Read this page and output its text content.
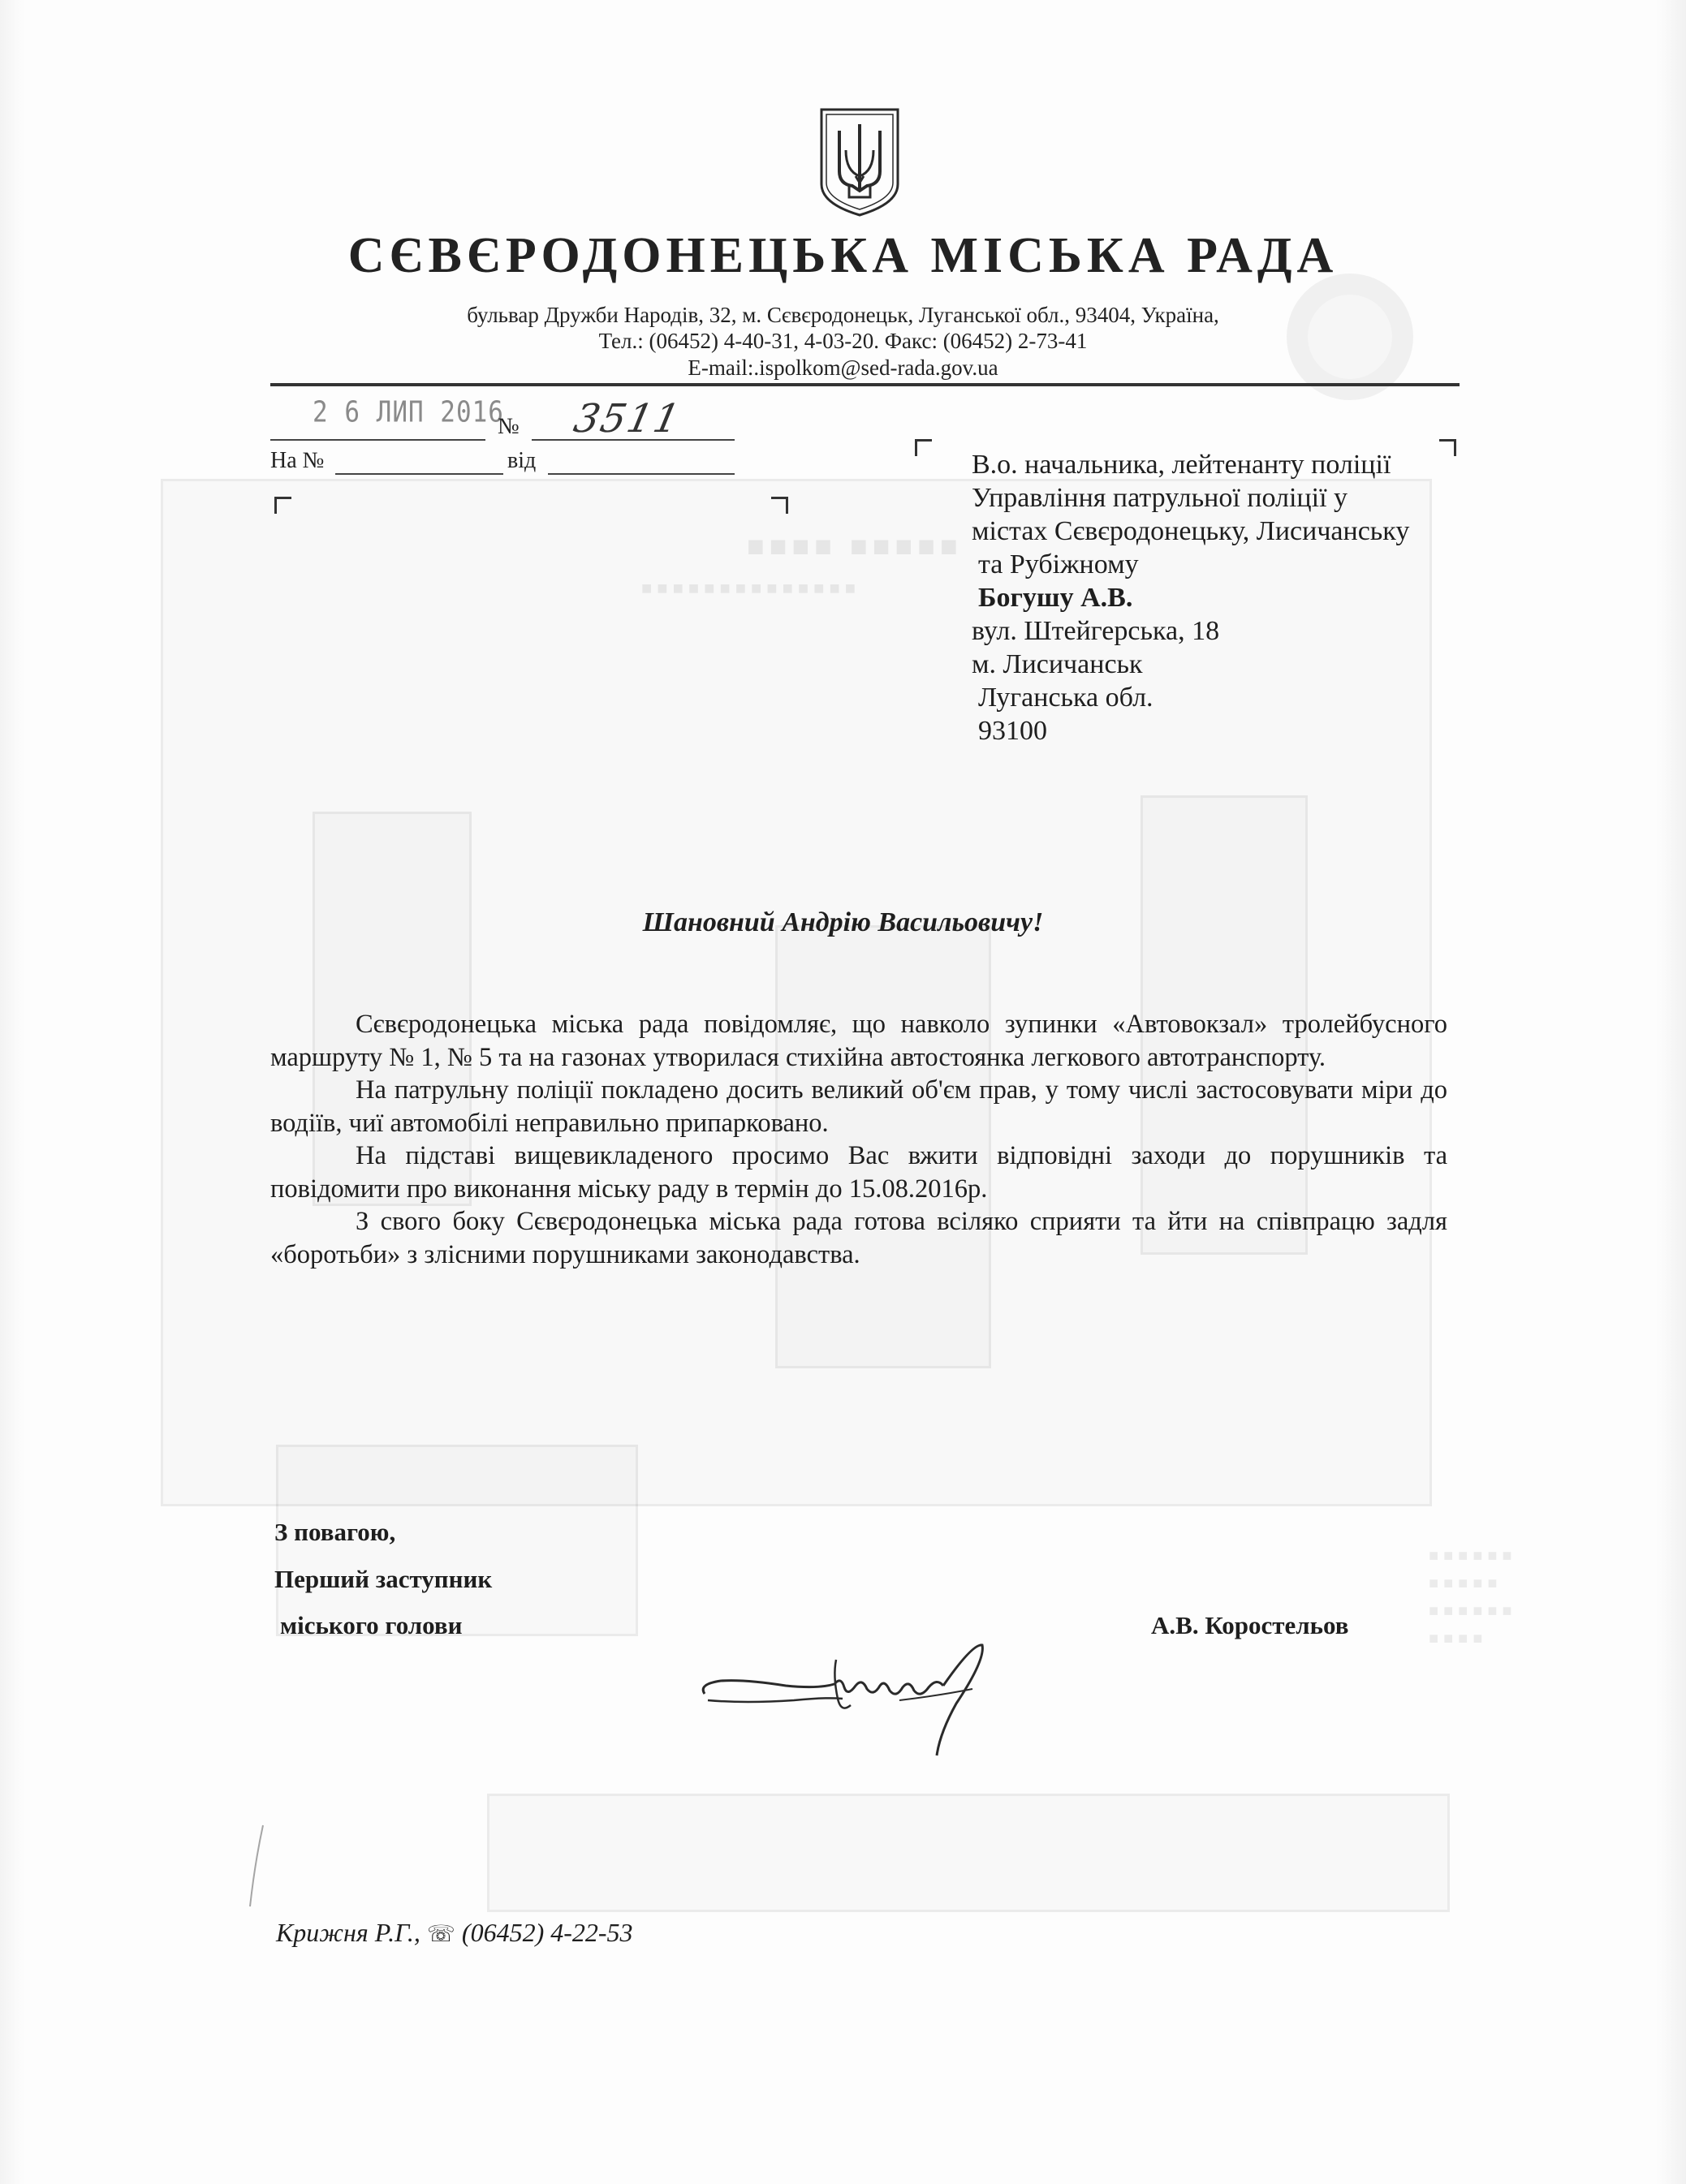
■■■■ ■■■■■
■■■■■■■■■■■■■■
■■■■■■
■■■■■
■■■■■■
■■■■
СЄВЄРОДОНЕЦЬКА МІСЬКА РАДА
бульвар Дружби Народів, 32, м. Сєвєродонецьк, Луганської обл., 93404, Україна,
Тел.: (06452) 4-40-31, 4-03-20. Факс: (06452) 2-73-41
E-mail:.ispolkom@sed-rada.gov.ua
2 6 ЛИП 2016
№ 3511
На №	від	В.о. начальника, лейтенанту поліції
Управління патрульної поліції у
містах Сєвєродонецьку, Лисичанську
та Рубіжному
Богушу А.В.
вул. Штейгерська, 18
м. Лисичанськ
Луганська обл.
93100
Шановний Андрію Васильовичу!

Сєвєродонецька міська рада повідомляє, що навколо зупинки «Автовокзал» тролейбусного маршруту № 1, № 5 та на газонах утворилася стихійна автостоянка легкового автотранспорту.

На патрульну поліції покладено досить великий об'єм прав, у тому числі застосовувати міри до водіїв, чиї автомобілі неправильно припарковано.

На підставі вищевикладеного просимо Вас вжити відповідні заходи до порушників та повідомити про виконання міську раду в термін до 15.08.2016р.

З свого боку Сєвєродонецька міська рада готова всіляко сприяти та йти на співпрацю задля «боротьби» з злісними порушниками законодавства.

З повагою,
Перший заступник
міського голови	А.В. Коростельов
Крижня Р.Г., ☏ (06452) 4-22-53
